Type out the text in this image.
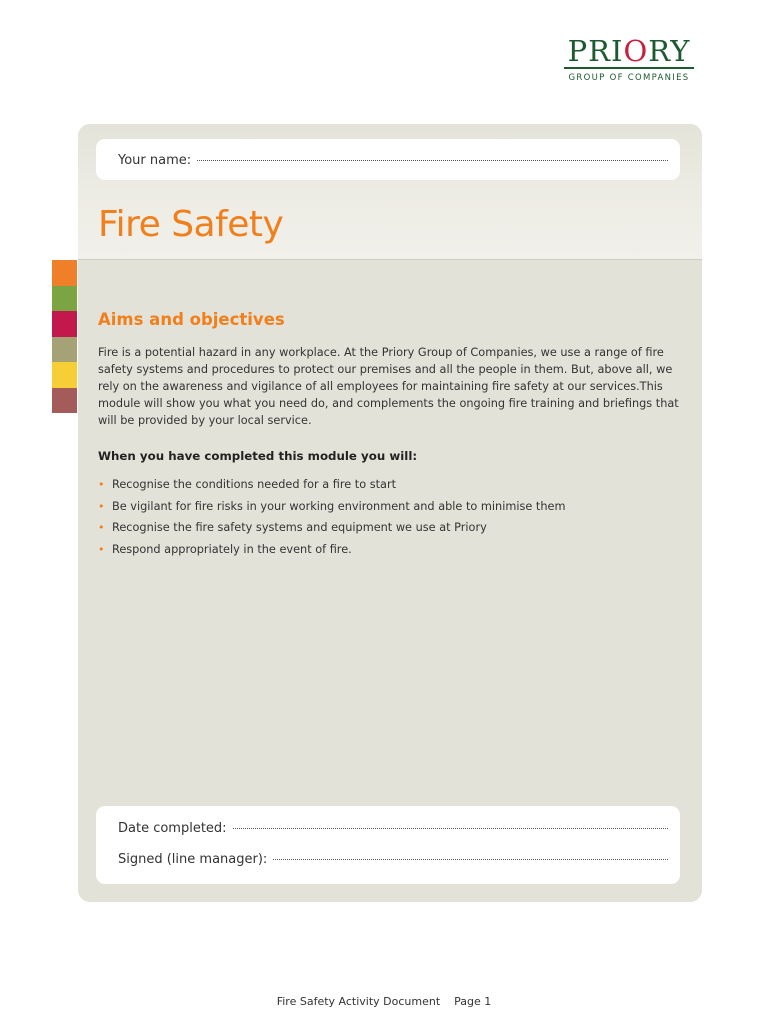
PRIORY
GROUP OF COMPANIES
Your name:
Fire Safety
Aims and objectives

Fire is a potential hazard in any workplace. At the Priory Group of Companies, we use a range of fire safety systems and procedures to protect our premises and all the people in them. But, above all, we rely on the awareness and vigilance of all employees for maintaining fire safety at our services.This module will show you what you need do, and complements the ongoing fire training and briefings that will be provided by your local service.

When you have completed this module you will:

• Recognise the conditions needed for a fire to start
• Be vigilant for fire risks in your working environment and able to minimise them
• Recognise the fire safety systems and equipment we use at Priory
• Respond appropriately in the event of fire.
Date completed:
Signed (line manager):
Fire Safety Activity Document Page 1
